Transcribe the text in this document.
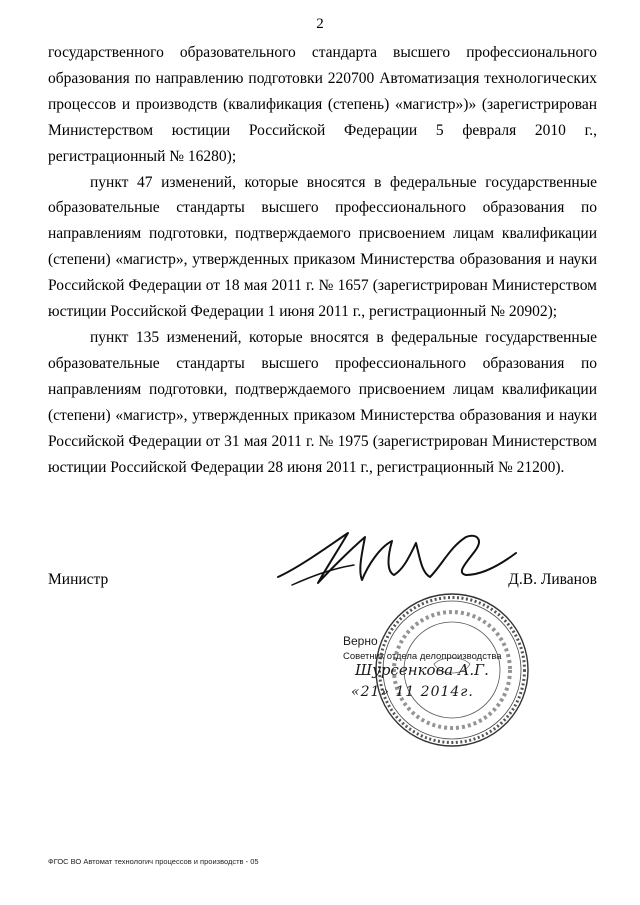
2

государственного образовательного стандарта высшего профессионального образования по направлению подготовки 220700 Автоматизация технологических процессов и производств (квалификация (степень) «магистр»)» (зарегистрирован Министерством юстиции Российской Федерации 5 февраля 2010 г., регистрационный № 16280);

пункт 47 изменений, которые вносятся в федеральные государственные образовательные стандарты высшего профессионального образования по направлениям подготовки, подтверждаемого присвоением лицам квалификации (степени) «магистр», утвержденных приказом Министерства образования и науки Российской Федерации от 18 мая 2011 г. № 1657 (зарегистрирован Министерством юстиции Российской Федерации 1 июня 2011 г., регистрационный № 20902);

пункт 135 изменений, которые вносятся в федеральные государственные образовательные стандарты высшего профессионального образования по направлениям подготовки, подтверждаемого присвоением лицам квалификации (степени) «магистр», утвержденных приказом Министерства образования и науки Российской Федерации от 31 мая 2011 г. № 1975 (зарегистрирован Министерством юстиции Российской Федерации 28 июня 2011 г., регистрационный № 21200).

Министр	Д.В. Ливанов
Верно
Советник отдела делопроизводства
Шурсенкова А.Г.
«21» 11 2014г.
ФГОС ВО Автомат технологич процессов и производств - 05
